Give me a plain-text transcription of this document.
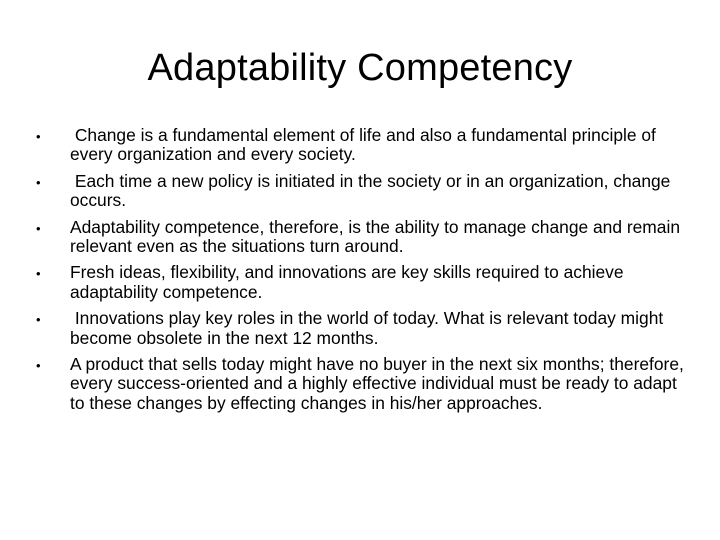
Adaptability Competency
•	Change is a fundamental element of life and also a fundamental principle of every organization and every society.
•	Each time a new policy is initiated in the society or in an organization, change occurs.
•	Adaptability competence, therefore, is the ability to manage change and remain relevant even as the situations turn around.
•	Fresh ideas, flexibility, and innovations are key skills required to achieve adaptability competence.
•	Innovations play key roles in the world of today. What is relevant today might become obsolete in the next 12 months.
•	A product that sells today might have no buyer in the next six months; therefore, every success-oriented and a highly effective individual must be ready to adapt to these changes by effecting changes in his/her approaches.
